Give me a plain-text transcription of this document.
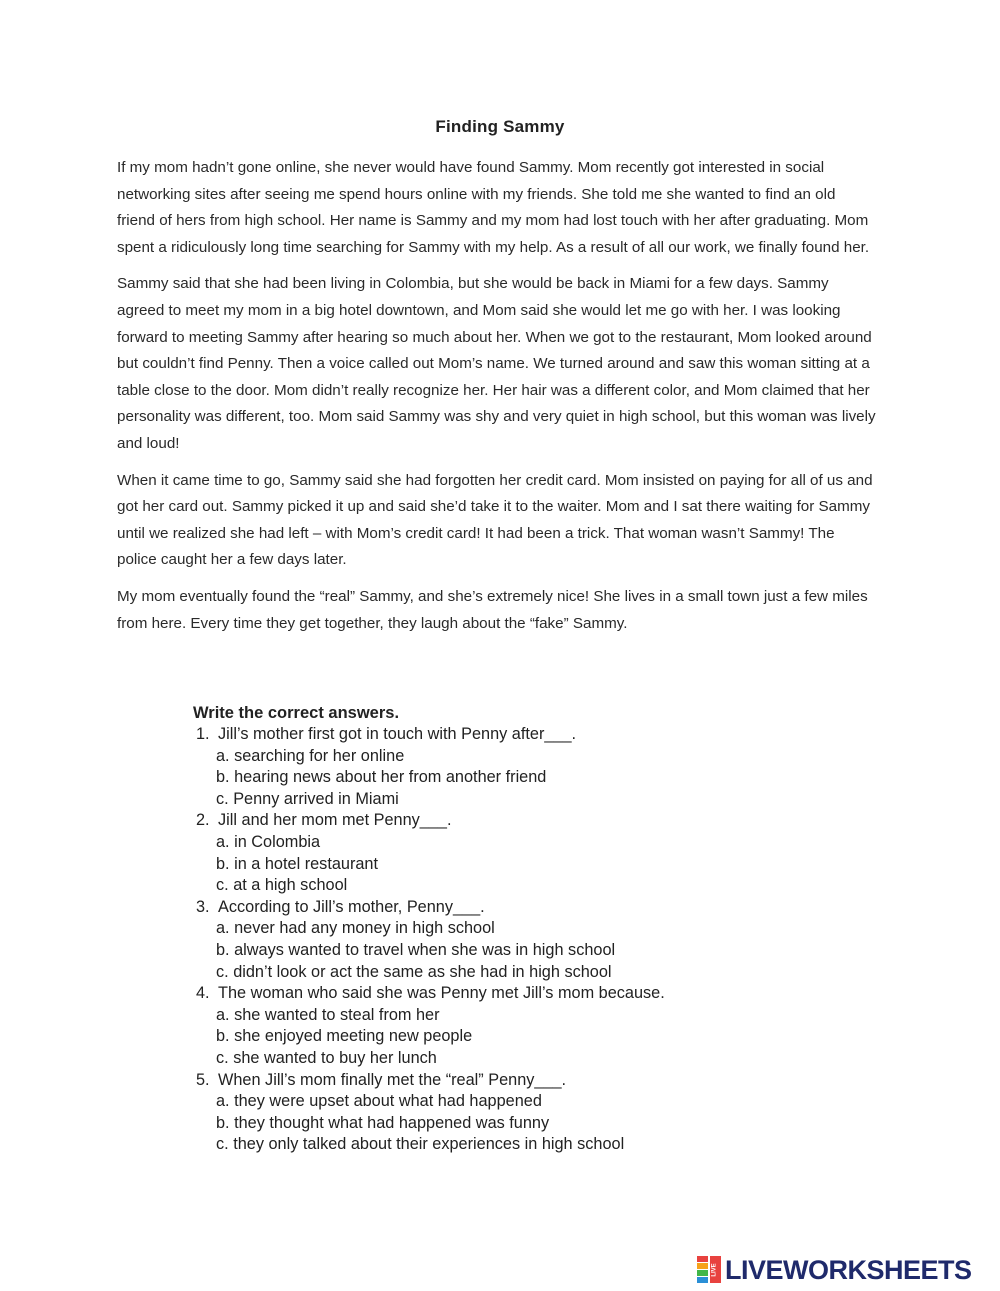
Finding Sammy

If my mom hadn’t gone online, she never would have found Sammy. Mom recently got interested in social networking sites after seeing me spend hours online with my friends. She told me she wanted to find an old friend of hers from high school. Her name is Sammy and my mom had lost touch with her after graduating. Mom spent a ridiculously long time searching for Sammy with my help. As a result of all our work, we finally found her.

Sammy said that she had been living in Colombia, but she would be back in Miami for a few days. Sammy agreed to meet my mom in a big hotel downtown, and Mom said she would let me go with her. I was looking forward to meeting Sammy after hearing so much about her. When we got to the restaurant, Mom looked around but couldn’t find Penny. Then a voice called out Mom’s name. We turned around and saw this woman sitting at a table close to the door. Mom didn’t really recognize her. Her hair was a different color, and Mom claimed that her personality was different, too. Mom said Sammy was shy and very quiet in high school, but this woman was lively and loud!

When it came time to go, Sammy said she had forgotten her credit card. Mom insisted on paying for all of us and got her card out. Sammy picked it up and said she’d take it to the waiter. Mom and I sat there waiting for Sammy until we realized she had left – with Mom’s credit card! It had been a trick. That woman wasn’t Sammy! The police caught her a few days later.

My mom eventually found the “real” Sammy, and she’s extremely nice! She lives in a small town just a few miles from here. Every time they get together, they laugh about the “fake” Sammy.

Write the correct answers.
1. Jill’s mother first got in touch with Penny after___.
a. searching for her online
b. hearing news about her from another friend
c. Penny arrived in Miami
2. Jill and her mom met Penny___.
a. in Colombia
b. in a hotel restaurant
c. at a high school
3. According to Jill’s mother, Penny___.
a. never had any money in high school
b. always wanted to travel when she was in high school
c. didn’t look or act the same as she had in high school
4. The woman who said she was Penny met Jill’s mom because.
a. she wanted to steal from her
b. she enjoyed meeting new people
c. she wanted to buy her lunch
5. When Jill’s mom finally met the “real” Penny___.
a. they were upset about what had happened
b. they thought what had happened was funny
c. they only talked about their experiences in high school
LIVE LIVEWORKSHEETS
